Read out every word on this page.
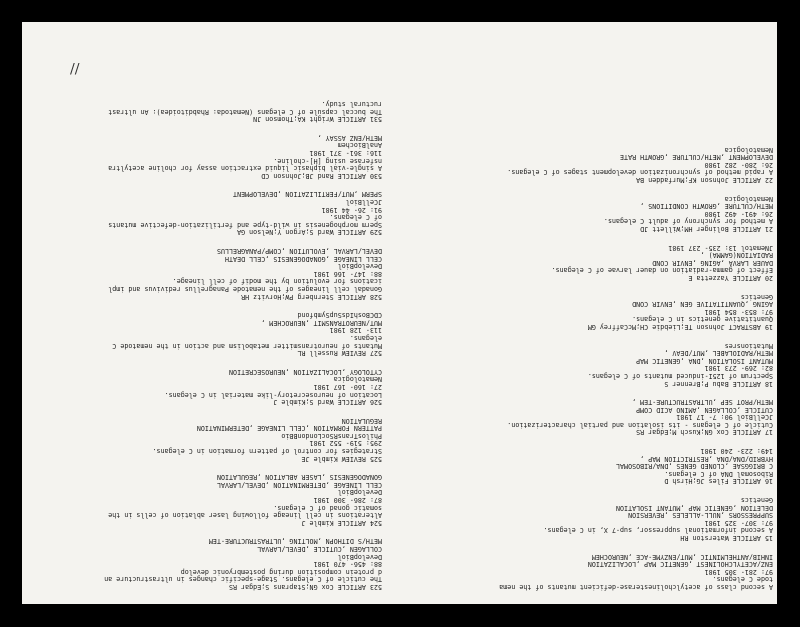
A second class of acetylcholinesterase-deficient mutants of the nema
tode C elegans.
97: 281- 305 1981
ENZ/ACETYLCHOLINEST ,GENETIC MAP ,LOCALIZATION
INHIB/ANTHELMINTIC ,MUT/ENZYME-ACE ,NEUROCHEM
15 ARTICLE Waterston RH
A second informational suppressor, sup-7 X, in C elegans.
97: 307- 325 1981
SUPPRESSORS ,NULL-ALLELES ,REVERSION
DELETION ,GENETIC MAP ,MUTANT ISOLATION
Genetics
16 ARTICLE Files JG;Hirsh D
Ribosomal DNA of C elegans.
C BRIGGSAE ,CLONED GENES ,DNA/RIBOSOMAL
HYBRID/DNA/DNA ,RESTRICTION MAP ,
149: 223- 240 1981
17 ARTICLE Cox GN;Kusch M;Edgar RS
Cuticle of C elegans - its isolation and partial characterization.
JCellBiol 90: 7- 17 1981
CUTICLE ,COLLAGEN ,AMINO ACID COMP
METH/PROT SEP ,ULTRASTRUCTURE-TEM ,
18 ARTICLE Babu P;Brenner S
Spectrum of 125I-induced mutants of C elegans.
82: 269- 273 1981
MUTANT ISOLATION ,DNA ,GENETIC MAP
METH/RADIOLABEL ,MUT/DEAV ,
Mutationsres
19 ABSTRACT Johnson TE;Liebdie CH;McCaffrey GM
Quantitative genetics in C elegans.
97: 853- 854 1981
AGING ,QUANTITATIVE GEN ,ENVIR COND
Genetics
20 ARTICLE Yazzetta E
Effect of gamma-radiation on dauer larvae of C elegans.
DAUER LARVA ,AGING ,ENVIR COND
RADIATION(GAMMA) ,
JNematol 13: 235- 237 1981
21 ARTICLE Bolinger HM;Willett JD
A method for synchrony of adult C elegans.
26: 491- 492 1980
METH/CULTURE ,GROWTH CONDITIONS ,
Nematologica
22 ARTICLE Johnson KF;Murfadden BA
A rapid method of synchronization development stages of C elegans.
26: 280- 282 1980
DEVELOPMENT ,METH/CULTURE ,GROWTH RATE
Nematologica

523 ARTICLE Cox GN;Staprans S;Edgar RS
The cuticle of C elegans. Stage-specific changes in ultrastructure an
d protein composition during postembryonic develop
88: 456- 470 1981
DevelopBiol
COLLAGEN ,CUTICLE ,DEVEL/LARVAL
METH/S DITHOPN ,MOLTING ,ULTRASTRUCTURE-TEM
524 ARTICLE Kimble J
Alterations in cell lineage following laser ablation of cells in the
somatic gonad of C elegans.
87: 286- 300 1981
DevelopBiol
CELL LINEAGE ,DETERMINATION ,DEVEL/LARVAL
GONADOGENESIS ,LASER ABLATION ,REGULATION
525 REVIEW Kimble JE
Strategies for control of pattern formation in C elegans.
295: 519- 552 1981
PhilosTransRSocLondonBBio
PATTERN FORMATION ,CELL LINEAGE ,DETERMINATION
REGULATION
526 ARTICLE Ward S;Kimble J
Location of neurosecretory-like material in C elegans.
27: 160- 167 1981
Nematologica
CYTOLOGY ,LOCALIZATION ,NEUROSECRETION
527 REVIEW Russell RL
Mutants of neurotransmitter metabolism and action in the nematode C
elegans.
113- 128 1981
MUT/NEUROTRANSMIT ,NEUROCHEM ,
CDCBoshIdsSupSymbfond
528 ARTICLE Sternberg PW;Horvitz HR
Gonadal cell lineages of the nematode Panagrellus redivivus and impl
ications for evolution by the modif of cell lineage.
88: 147- 166 1981
DevelopBiol
CELL LINEAGE ,GONADOGENESIS ,CELL DEATH
DEVEL/LARVAL ,EVOLUTION ,COMP/PANAGRELLUS
529 ARTICLE Ward S;Argon Y;Nelson GA
Sperm morphogenesis in wild-type and fertilization-defective mutants
of C elegans.
91: 26- 44 1981
JCellBiol
SPERM ,MUT/FERTILIZATION ,DEVELOPMENT
530 ARTICLE Rand JB;Johnson CD
A single-vial biphasic liquid extraction assay for choline acetyltra
nsferase using [H]-choline.
116: 361- 371 1981
AnalBiochem
METH/ENZ ASSAY ,
531 ARTICLE Wright KA;Thomson JN
The buccal capsule of C elegans (Nematoda: Rhabditoidea): An ultrast
ructural study.

//
